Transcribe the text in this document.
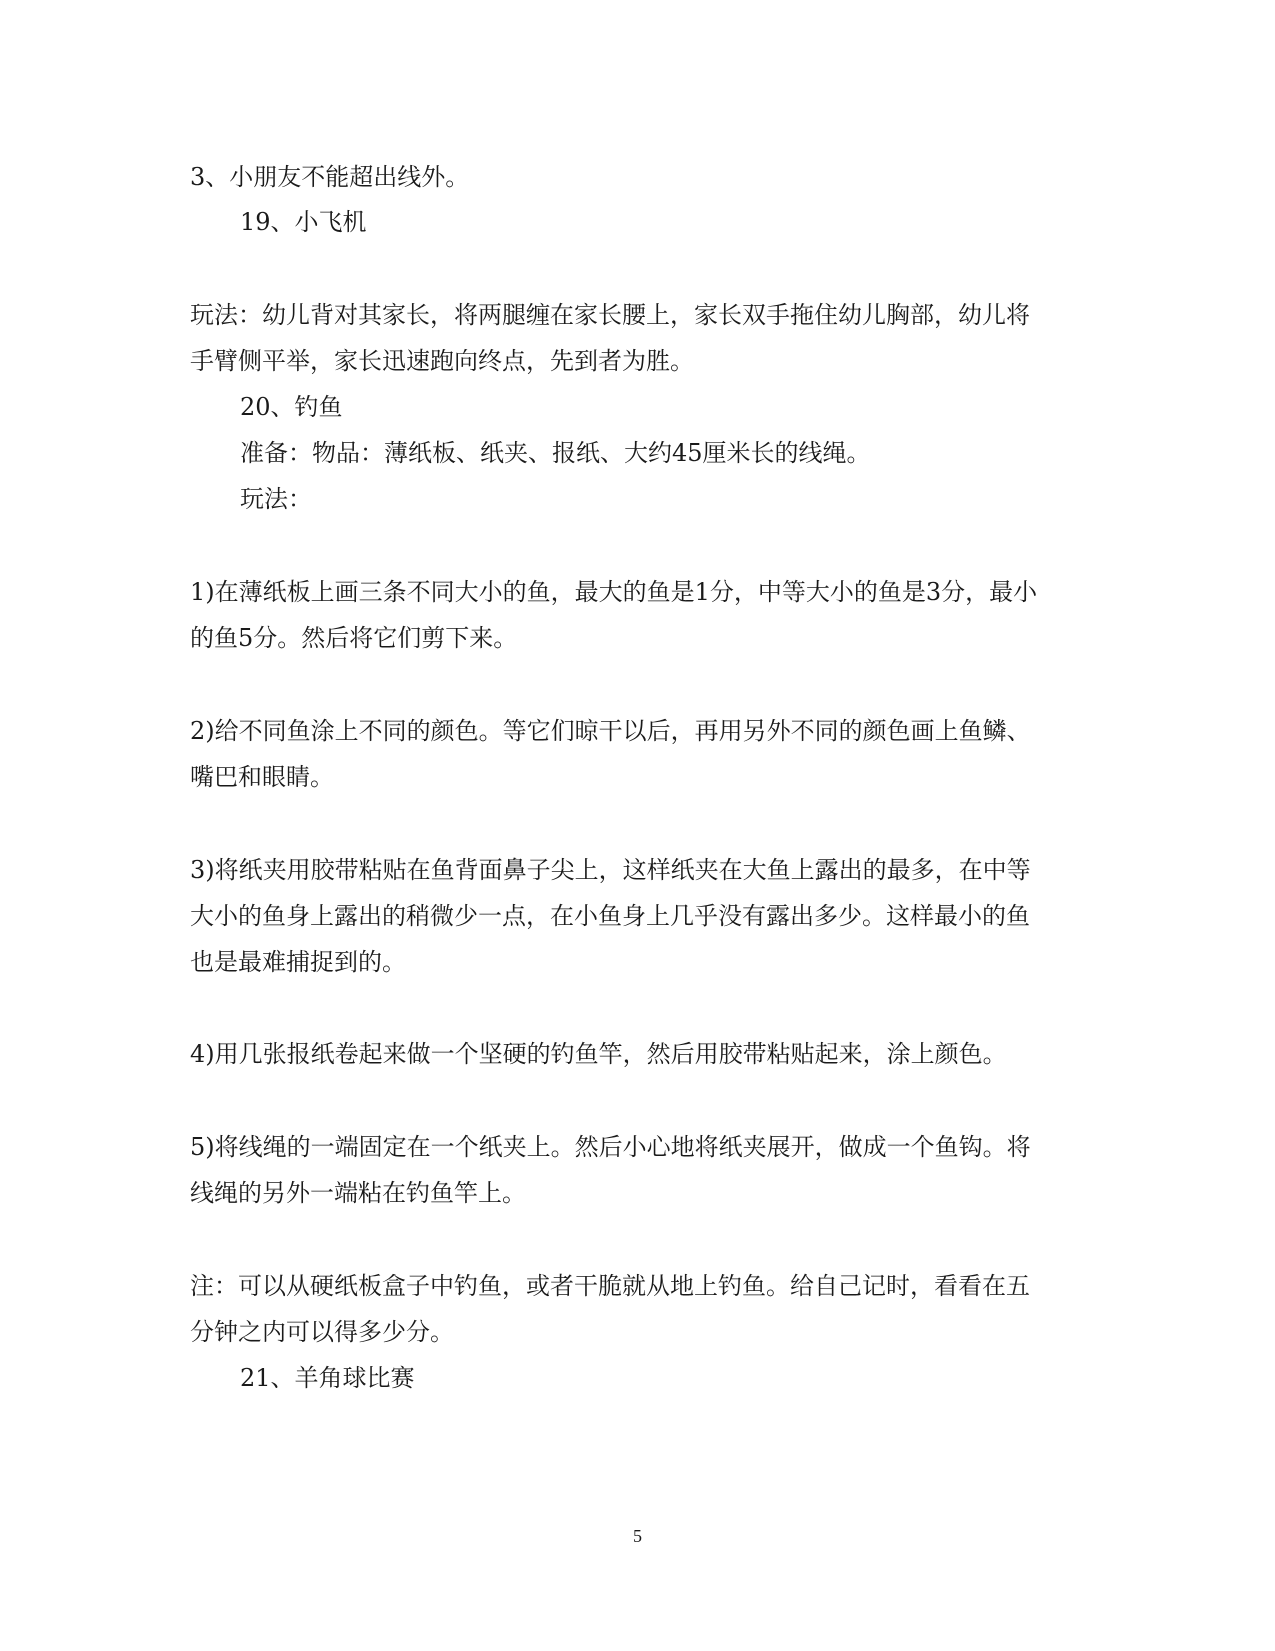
3、小朋友不能超出线外。
19、小飞机
玩法：幼儿背对其家长，将两腿缠在家长腰上，家长双手拖住幼儿胸部，幼儿将
手臂侧平举，家长迅速跑向终点，先到者为胜。
20、钓鱼
准备：物品：薄纸板、纸夹、报纸、大约45厘米长的线绳。
玩法：
1)在薄纸板上画三条不同大小的鱼，最大的鱼是1分，中等大小的鱼是3分，最小
的鱼5分。然后将它们剪下来。
2)给不同鱼涂上不同的颜色。等它们晾干以后，再用另外不同的颜色画上鱼鳞、
嘴巴和眼睛。
3)将纸夹用胶带粘贴在鱼背面鼻子尖上，这样纸夹在大鱼上露出的最多，在中等
大小的鱼身上露出的稍微少一点，在小鱼身上几乎没有露出多少。这样最小的鱼
也是最难捕捉到的。
4)用几张报纸卷起来做一个坚硬的钓鱼竿，然后用胶带粘贴起来，涂上颜色。
5)将线绳的一端固定在一个纸夹上。然后小心地将纸夹展开，做成一个鱼钩。将
线绳的另外一端粘在钓鱼竿上。
注：可以从硬纸板盒子中钓鱼，或者干脆就从地上钓鱼。给自己记时，看看在五
分钟之内可以得多少分。
21、羊角球比赛
5
